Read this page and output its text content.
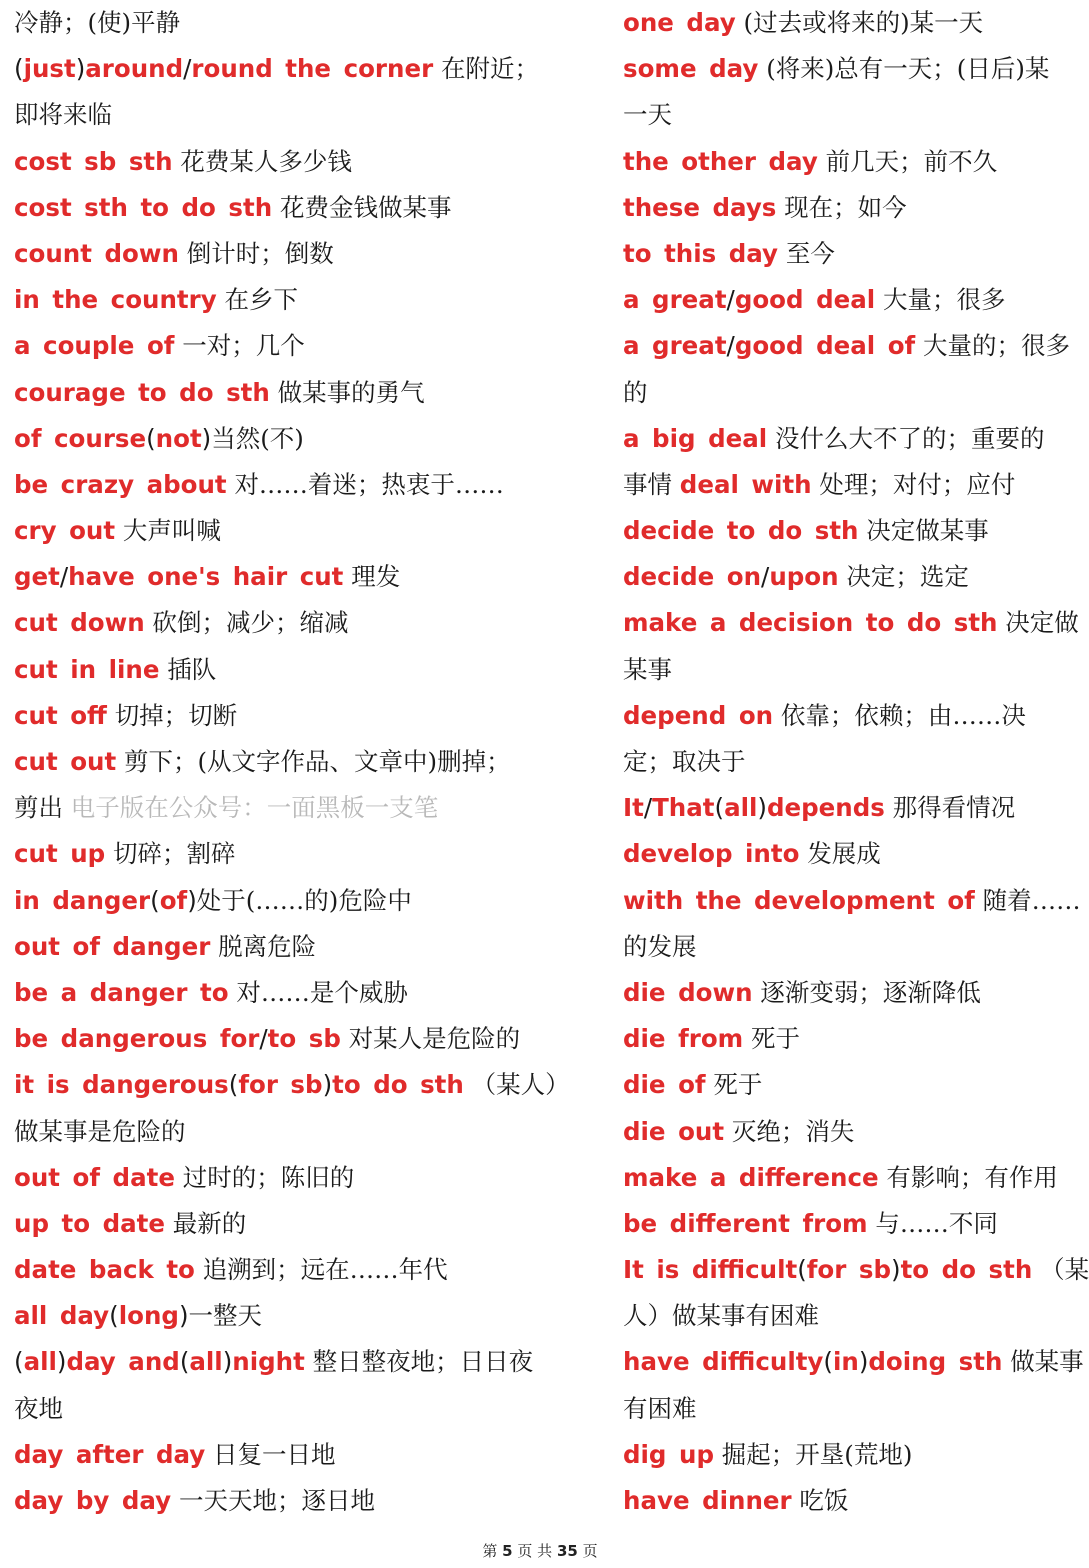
冷静；(使)平静
(just)around/round the corner 在附近；
即将来临
cost sb sth 花费某人多少钱
cost sth to do sth 花费金钱做某事
count down 倒计时；倒数
in the country 在乡下
a couple of 一对；几个
courage to do sth 做某事的勇气
of course(not)当然(不)
be crazy about 对……着迷；热衷于……
cry out 大声叫喊
get/have one's hair cut 理发
cut down 砍倒；减少；缩减
cut in line 插队
cut off 切掉；切断
cut out 剪下；(从文字作品、文章中)删掉；
剪出 电子版在公众号：一面黑板一支笔
cut up 切碎；割碎
in danger(of)处于(……的)危险中
out of danger 脱离危险
be a danger to 对……是个威胁
be dangerous for/to sb 对某人是危险的
it is dangerous(for sb)to do sth （某人）
做某事是危险的
out of date 过时的；陈旧的
up to date 最新的
date back to 追溯到；远在……年代
all day(long)一整天
(all)day and(all)night 整日整夜地；日日夜
夜地
day after day 日复一日地
day by day 一天天地；逐日地
one day (过去或将来的)某一天
some day (将来)总有一天；(日后)某
一天
the other day 前几天；前不久
these days 现在；如今
to this day 至今
a great/good deal 大量；很多
a great/good deal of 大量的；很多
的
a big deal 没什么大不了的；重要的
事情 deal with 处理；对付；应付
decide to do sth 决定做某事
decide on/upon 决定；选定
make a decision to do sth 决定做
某事
depend on 依靠；依赖；由……决
定；取决于
It/That(all)depends 那得看情况
develop into 发展成
with the development of 随着……
的发展
die down 逐渐变弱；逐渐降低
die from 死于
die of 死于
die out 灭绝；消失
make a difference 有影响；有作用
be different from 与……不同
It is difficult(for sb)to do sth （某
人）做某事有困难
have difficulty(in)doing sth 做某事
有困难
dig up 掘起；开垦(荒地)
have dinner 吃饭
第 5 页 共 35 页
